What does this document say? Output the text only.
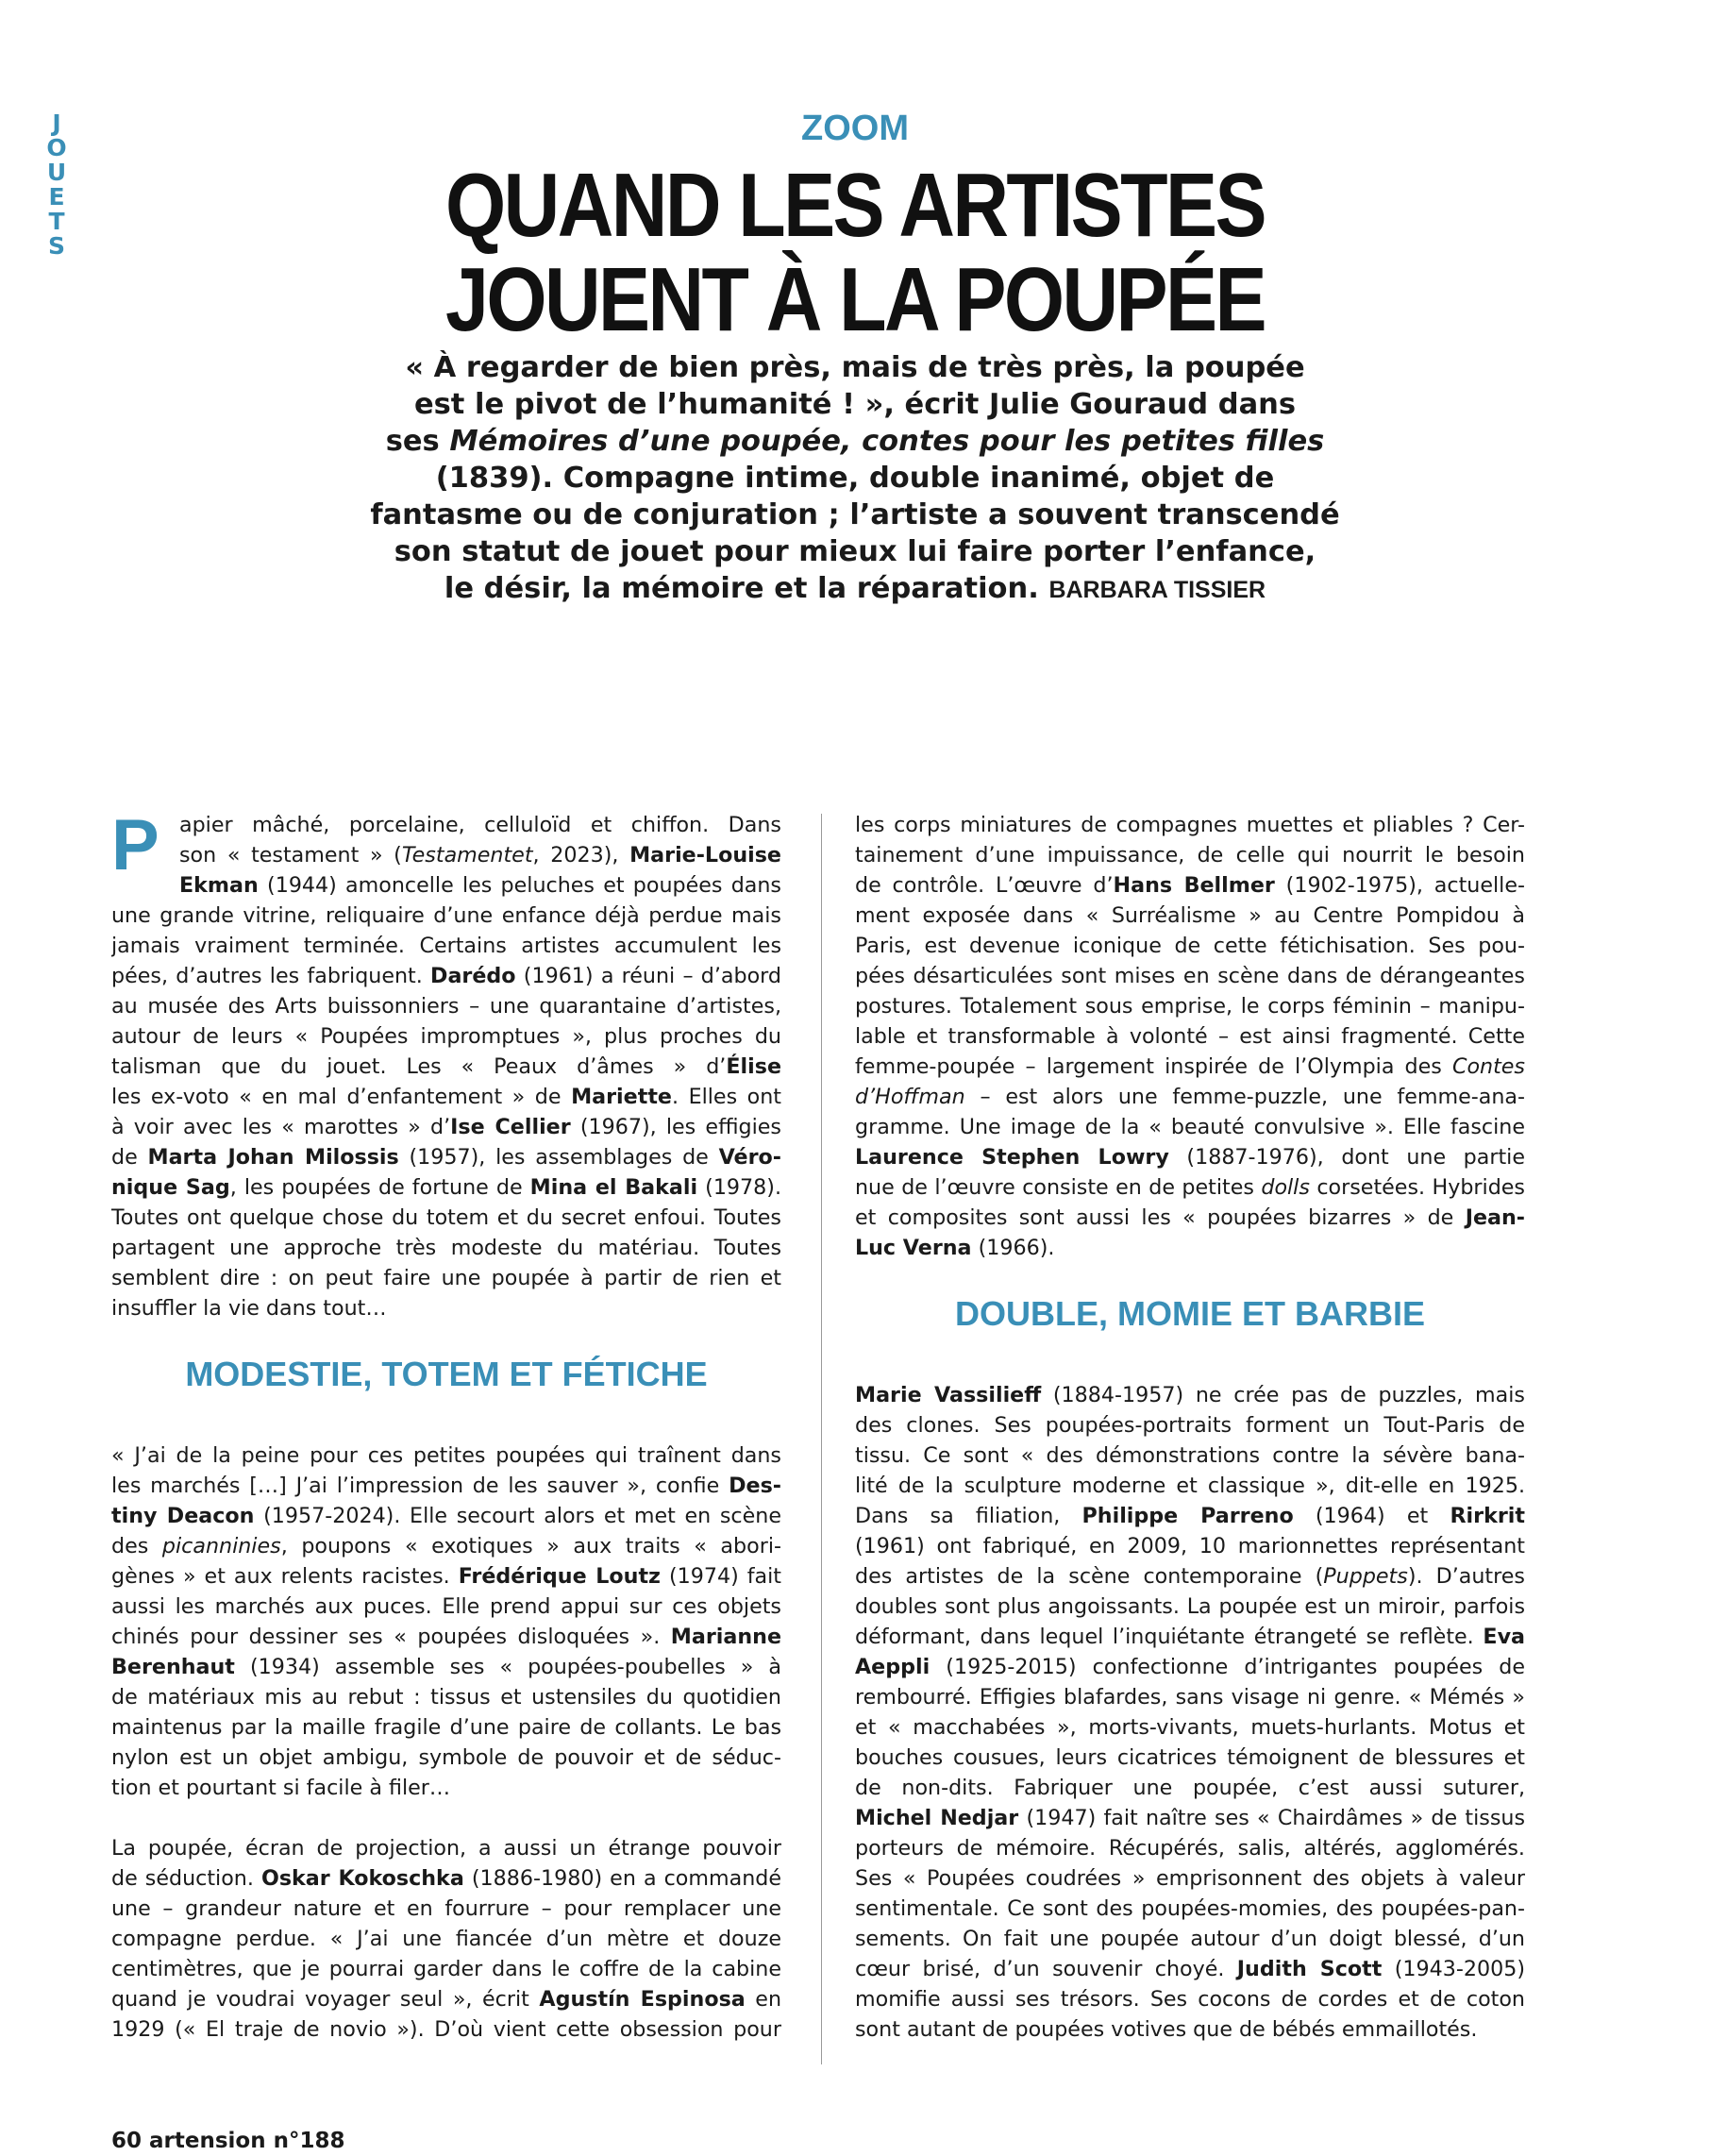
J
O
U
E
T
S
ZOOM
QUAND LES ARTISTES
JOUENT À LA POUPÉE
« À regarder de bien près, mais de très près, la poupée
est le pivot de l’humanité ! », écrit Julie Gouraud dans
ses Mémoires d’une poupée, contes pour les petites filles
(1839). Compagne intime, double inanimé, objet de
fantasme ou de conjuration ; l’artiste a souvent transcendé
son statut de jouet pour mieux lui faire porter l’enfance,
le désir, la mémoire et la réparation. BARBARA TISSIER
P apier mâché, porcelaine, celluloïd et chiffon. Dans
son « testament » (Testamentet, 2023), Marie-Louise
Ekman (1944) amoncelle les peluches et poupées dans
une grande vitrine, reliquaire d’une enfance déjà perdue mais
jamais vraiment terminée. Certains artistes accumulent les
pées, d’autres les fabriquent. Darédo (1961) a réuni – d’abord
au musée des Arts buissonniers – une quarantaine d’artistes,
autour de leurs « Poupées impromptues », plus proches du
talisman que du jouet. Les « Peaux d’âmes » d’Élise
les ex-voto « en mal d’enfantement » de Mariette. Elles ont
à voir avec les « marottes » d’Ise Cellier (1967), les effigies
de Marta Johan Milossis (1957), les assemblages de Véro-
nique Sag, les poupées de fortune de Mina el Bakali (1978).
Toutes ont quelque chose du totem et du secret enfoui. Toutes
partagent une approche très modeste du matériau. Toutes
semblent dire : on peut faire une poupée à partir de rien et
insuffler la vie dans tout…
MODESTIE, TOTEM ET FÉTICHE
« J’ai de la peine pour ces petites poupées qui traînent dans
les marchés […] J’ai l’impression de les sauver », confie Des-
tiny Deacon (1957-2024). Elle secourt alors et met en scène
des picanninies, poupons « exotiques » aux traits « abori-
gènes » et aux relents racistes. Frédérique Loutz (1974) fait
aussi les marchés aux puces. Elle prend appui sur ces objets
chinés pour dessiner ses « poupées disloquées ». Marianne
Berenhaut (1934) assemble ses « poupées-poubelles » à
de matériaux mis au rebut : tissus et ustensiles du quotidien
maintenus par la maille fragile d’une paire de collants. Le bas
nylon est un objet ambigu, symbole de pouvoir et de séduc-
tion et pourtant si facile à filer…
La poupée, écran de projection, a aussi un étrange pouvoir
de séduction. Oskar Kokoschka (1886-1980) en a commandé
une – grandeur nature et en fourrure – pour remplacer une
compagne perdue. « J’ai une fiancée d’un mètre et douze
centimètres, que je pourrai garder dans le coffre de la cabine
quand je voudrai voyager seul », écrit Agustín Espinosa en
1929 (« El traje de novio »). D’où vient cette obsession pour
les corps miniatures de compagnes muettes et pliables ? Cer-
tainement d’une impuissance, de celle qui nourrit le besoin
de contrôle. L’œuvre d’Hans Bellmer (1902-1975), actuelle-
ment exposée dans « Surréalisme » au Centre Pompidou à
Paris, est devenue iconique de cette fétichisation. Ses pou-
pées désarticulées sont mises en scène dans de dérangeantes
postures. Totalement sous emprise, le corps féminin – manipu-
lable et transformable à volonté – est ainsi fragmenté. Cette
femme-poupée – largement inspirée de l’Olympia des Contes
d’Hoffman – est alors une femme-puzzle, une femme-ana-
gramme. Une image de la « beauté convulsive ». Elle fascine
Laurence Stephen Lowry (1887-1976), dont une partie
nue de l’œuvre consiste en de petites dolls corsetées. Hybrides
et composites sont aussi les « poupées bizarres » de Jean-
Luc Verna (1966).
DOUBLE, MOMIE ET BARBIE
Marie Vassilieff (1884-1957) ne crée pas de puzzles, mais
des clones. Ses poupées-portraits forment un Tout-Paris de
tissu. Ce sont « des démonstrations contre la sévère bana-
lité de la sculpture moderne et classique », dit-elle en 1925.
Dans sa filiation, Philippe Parreno (1964) et Rirkrit
(1961) ont fabriqué, en 2009, 10 marionnettes représentant
des artistes de la scène contemporaine (Puppets). D’autres
doubles sont plus angoissants. La poupée est un miroir, parfois
déformant, dans lequel l’inquiétante étrangeté se reflète. Eva
Aeppli (1925-2015) confectionne d’intrigantes poupées de
rembourré. Effigies blafardes, sans visage ni genre. « Mémés »
et « macchabées », morts-vivants, muets-hurlants. Motus et
bouches cousues, leurs cicatrices témoignent de blessures et
de non-dits. Fabriquer une poupée, c’est aussi suturer,
Michel Nedjar (1947) fait naître ses « Chairdâmes » de tissus
porteurs de mémoire. Récupérés, salis, altérés, agglomérés.
Ses « Poupées coudrées » emprisonnent des objets à valeur
sentimentale. Ce sont des poupées-momies, des poupées-pan-
sements. On fait une poupée autour d’un doigt blessé, d’un
cœur brisé, d’un souvenir choyé. Judith Scott (1943-2005)
momifie aussi ses trésors. Ses cocons de cordes et de coton
sont autant de poupées votives que de bébés emmaillotés.
60 artension n°188
